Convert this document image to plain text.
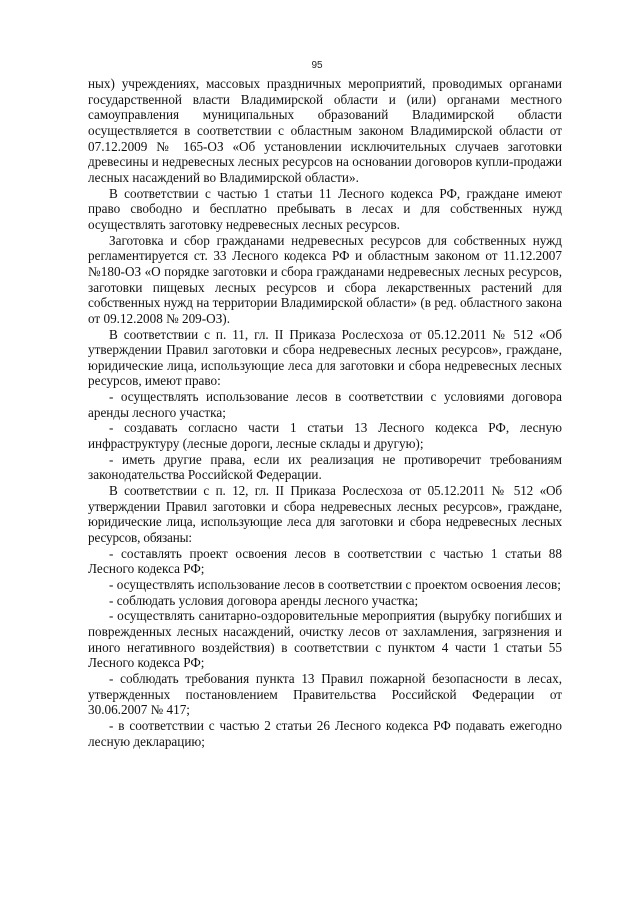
95

ных) учреждениях, массовых праздничных мероприятий, проводимых органами государственной власти Владимирской области и (или) органами местного самоуправления муниципальных образований Владимирской области осуществляется в соответствии с областным законом Владимирской области от 07.12.2009 № 165-ОЗ «Об установлении исключительных случаев заготовки древесины и недревесных лесных ресурсов на основании договоров купли-продажи лесных насаждений во Владимирской области».

В соответствии с частью 1 статьи 11 Лесного кодекса РФ, граждане имеют право свободно и бесплатно пребывать в лесах и для собственных нужд осуществлять заготовку недревесных лесных ресурсов.

Заготовка и сбор гражданами недревесных ресурсов для собственных нужд регламентируется ст. 33 Лесного кодекса РФ и областным законом от 11.12.2007 №180-ОЗ «О порядке заготовки и сбора гражданами недревесных лесных ресурсов, заготовки пищевых лесных ресурсов и сбора лекарственных растений для собственных нужд на территории Владимирской области» (в ред. областного закона от 09.12.2008 № 209-ОЗ).

В соответствии с п. 11, гл. II Приказа Рослесхоза от 05.12.2011 № 512 «Об утверждении Правил заготовки и сбора недревесных лесных ресурсов», граждане, юридические лица, использующие леса для заготовки и сбора недревесных лесных ресурсов, имеют право:

- осуществлять использование лесов в соответствии с условиями договора аренды лесного участка;

- создавать согласно части 1 статьи 13 Лесного кодекса РФ, лесную инфраструктуру (лесные дороги, лесные склады и другую);

- иметь другие права, если их реализация не противоречит требованиям законодательства Российской Федерации.

В соответствии с п. 12, гл. II Приказа Рослесхоза от 05.12.2011 № 512 «Об утверждении Правил заготовки и сбора недревесных лесных ресурсов», граждане, юридические лица, использующие леса для заготовки и сбора недревесных лесных ресурсов, обязаны:

- составлять проект освоения лесов в соответствии с частью 1 статьи 88 Лесного кодекса РФ;

- осуществлять использование лесов в соответствии с проектом освоения лесов;

- соблюдать условия договора аренды лесного участка;

- осуществлять санитарно-оздоровительные мероприятия (вырубку погибших и поврежденных лесных насаждений, очистку лесов от захламления, загрязнения и иного негативного воздействия) в соответствии с пунктом 4 части 1 статьи 55 Лесного кодекса РФ;

- соблюдать требования пункта 13 Правил пожарной безопасности в лесах, утвержденных постановлением Правительства Российской Федерации от 30.06.2007 № 417;

- в соответствии с частью 2 статьи 26 Лесного кодекса РФ подавать ежегодно лесную декларацию;
